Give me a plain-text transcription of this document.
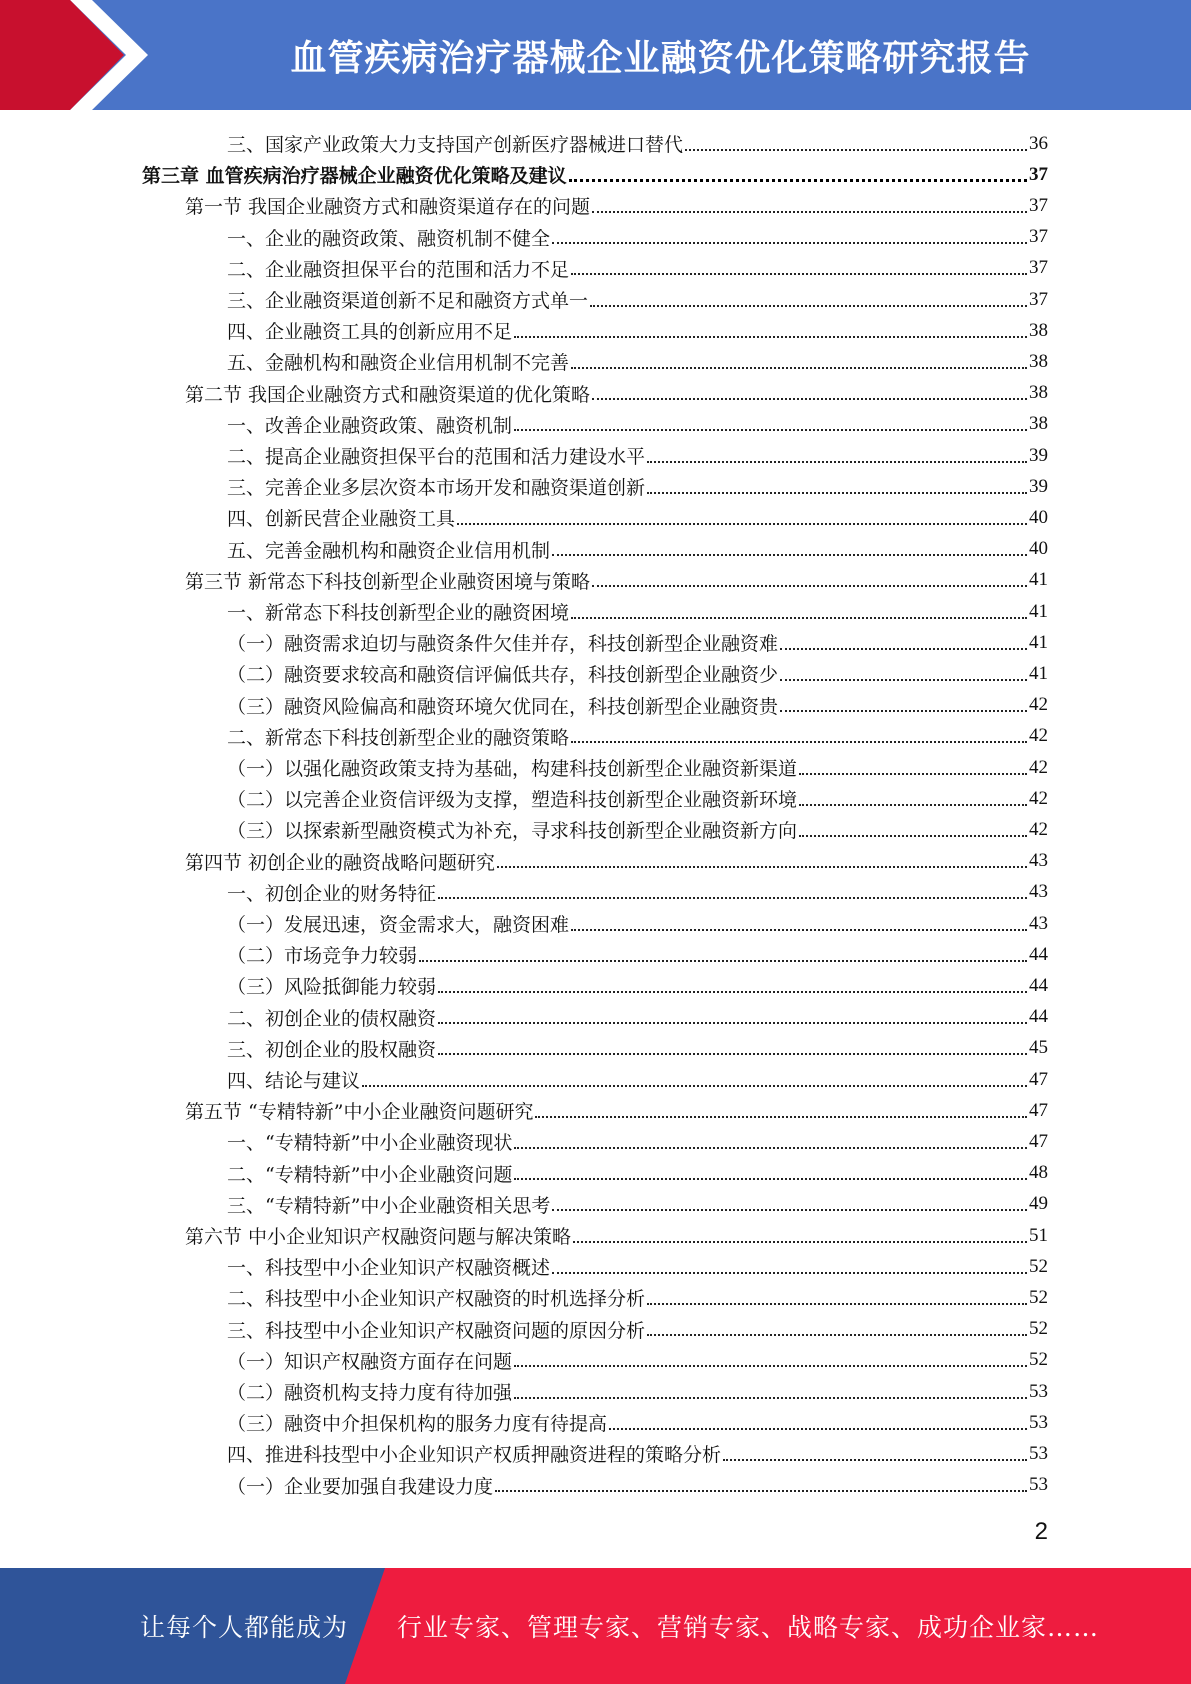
血管疾病治疗器械企业融资优化策略研究报告
三、国家产业政策大力支持国产创新医疗器械进口替代	36
第三章 血管疾病治疗器械企业融资优化策略及建议	37
第一节 我国企业融资方式和融资渠道存在的问题	37
一、企业的融资政策、融资机制不健全	37
二、企业融资担保平台的范围和活力不足	37
三、企业融资渠道创新不足和融资方式单一	37
四、企业融资工具的创新应用不足	38
五、金融机构和融资企业信用机制不完善	38
第二节 我国企业融资方式和融资渠道的优化策略	38
一、改善企业融资政策、融资机制	38
二、提高企业融资担保平台的范围和活力建设水平	39
三、完善企业多层次资本市场开发和融资渠道创新	39
四、创新民营企业融资工具	40
五、完善金融机构和融资企业信用机制	40
第三节 新常态下科技创新型企业融资困境与策略	41
一、新常态下科技创新型企业的融资困境	41
（一）融资需求迫切与融资条件欠佳并存，科技创新型企业融资难	41
（二）融资要求较高和融资信评偏低共存，科技创新型企业融资少	41
（三）融资风险偏高和融资环境欠优同在，科技创新型企业融资贵	42
二、新常态下科技创新型企业的融资策略	42
（一）以强化融资政策支持为基础，构建科技创新型企业融资新渠道	42
（二）以完善企业资信评级为支撑，塑造科技创新型企业融资新环境	42
（三）以探索新型融资模式为补充，寻求科技创新型企业融资新方向	42
第四节 初创企业的融资战略问题研究	43
一、初创企业的财务特征	43
（一）发展迅速，资金需求大，融资困难	43
（二）市场竞争力较弱	44
（三）风险抵御能力较弱	44
二、初创企业的债权融资	44
三、初创企业的股权融资	45
四、结论与建议	47
第五节 “专精特新”中小企业融资问题研究	47
一、“专精特新”中小企业融资现状	47
二、“专精特新”中小企业融资问题	48
三、“专精特新”中小企业融资相关思考	49
第六节 中小企业知识产权融资问题与解决策略	51
一、科技型中小企业知识产权融资概述	52
二、科技型中小企业知识产权融资的时机选择分析	52
三、科技型中小企业知识产权融资问题的原因分析	52
（一）知识产权融资方面存在问题	52
（二）融资机构支持力度有待加强	53
（三）融资中介担保机构的服务力度有待提高	53
四、推进科技型中小企业知识产权质押融资进程的策略分析	53
（一）企业要加强自我建设力度	53
2
让每个人都能成为 行业专家、管理专家、营销专家、战略专家、成功企业家……
